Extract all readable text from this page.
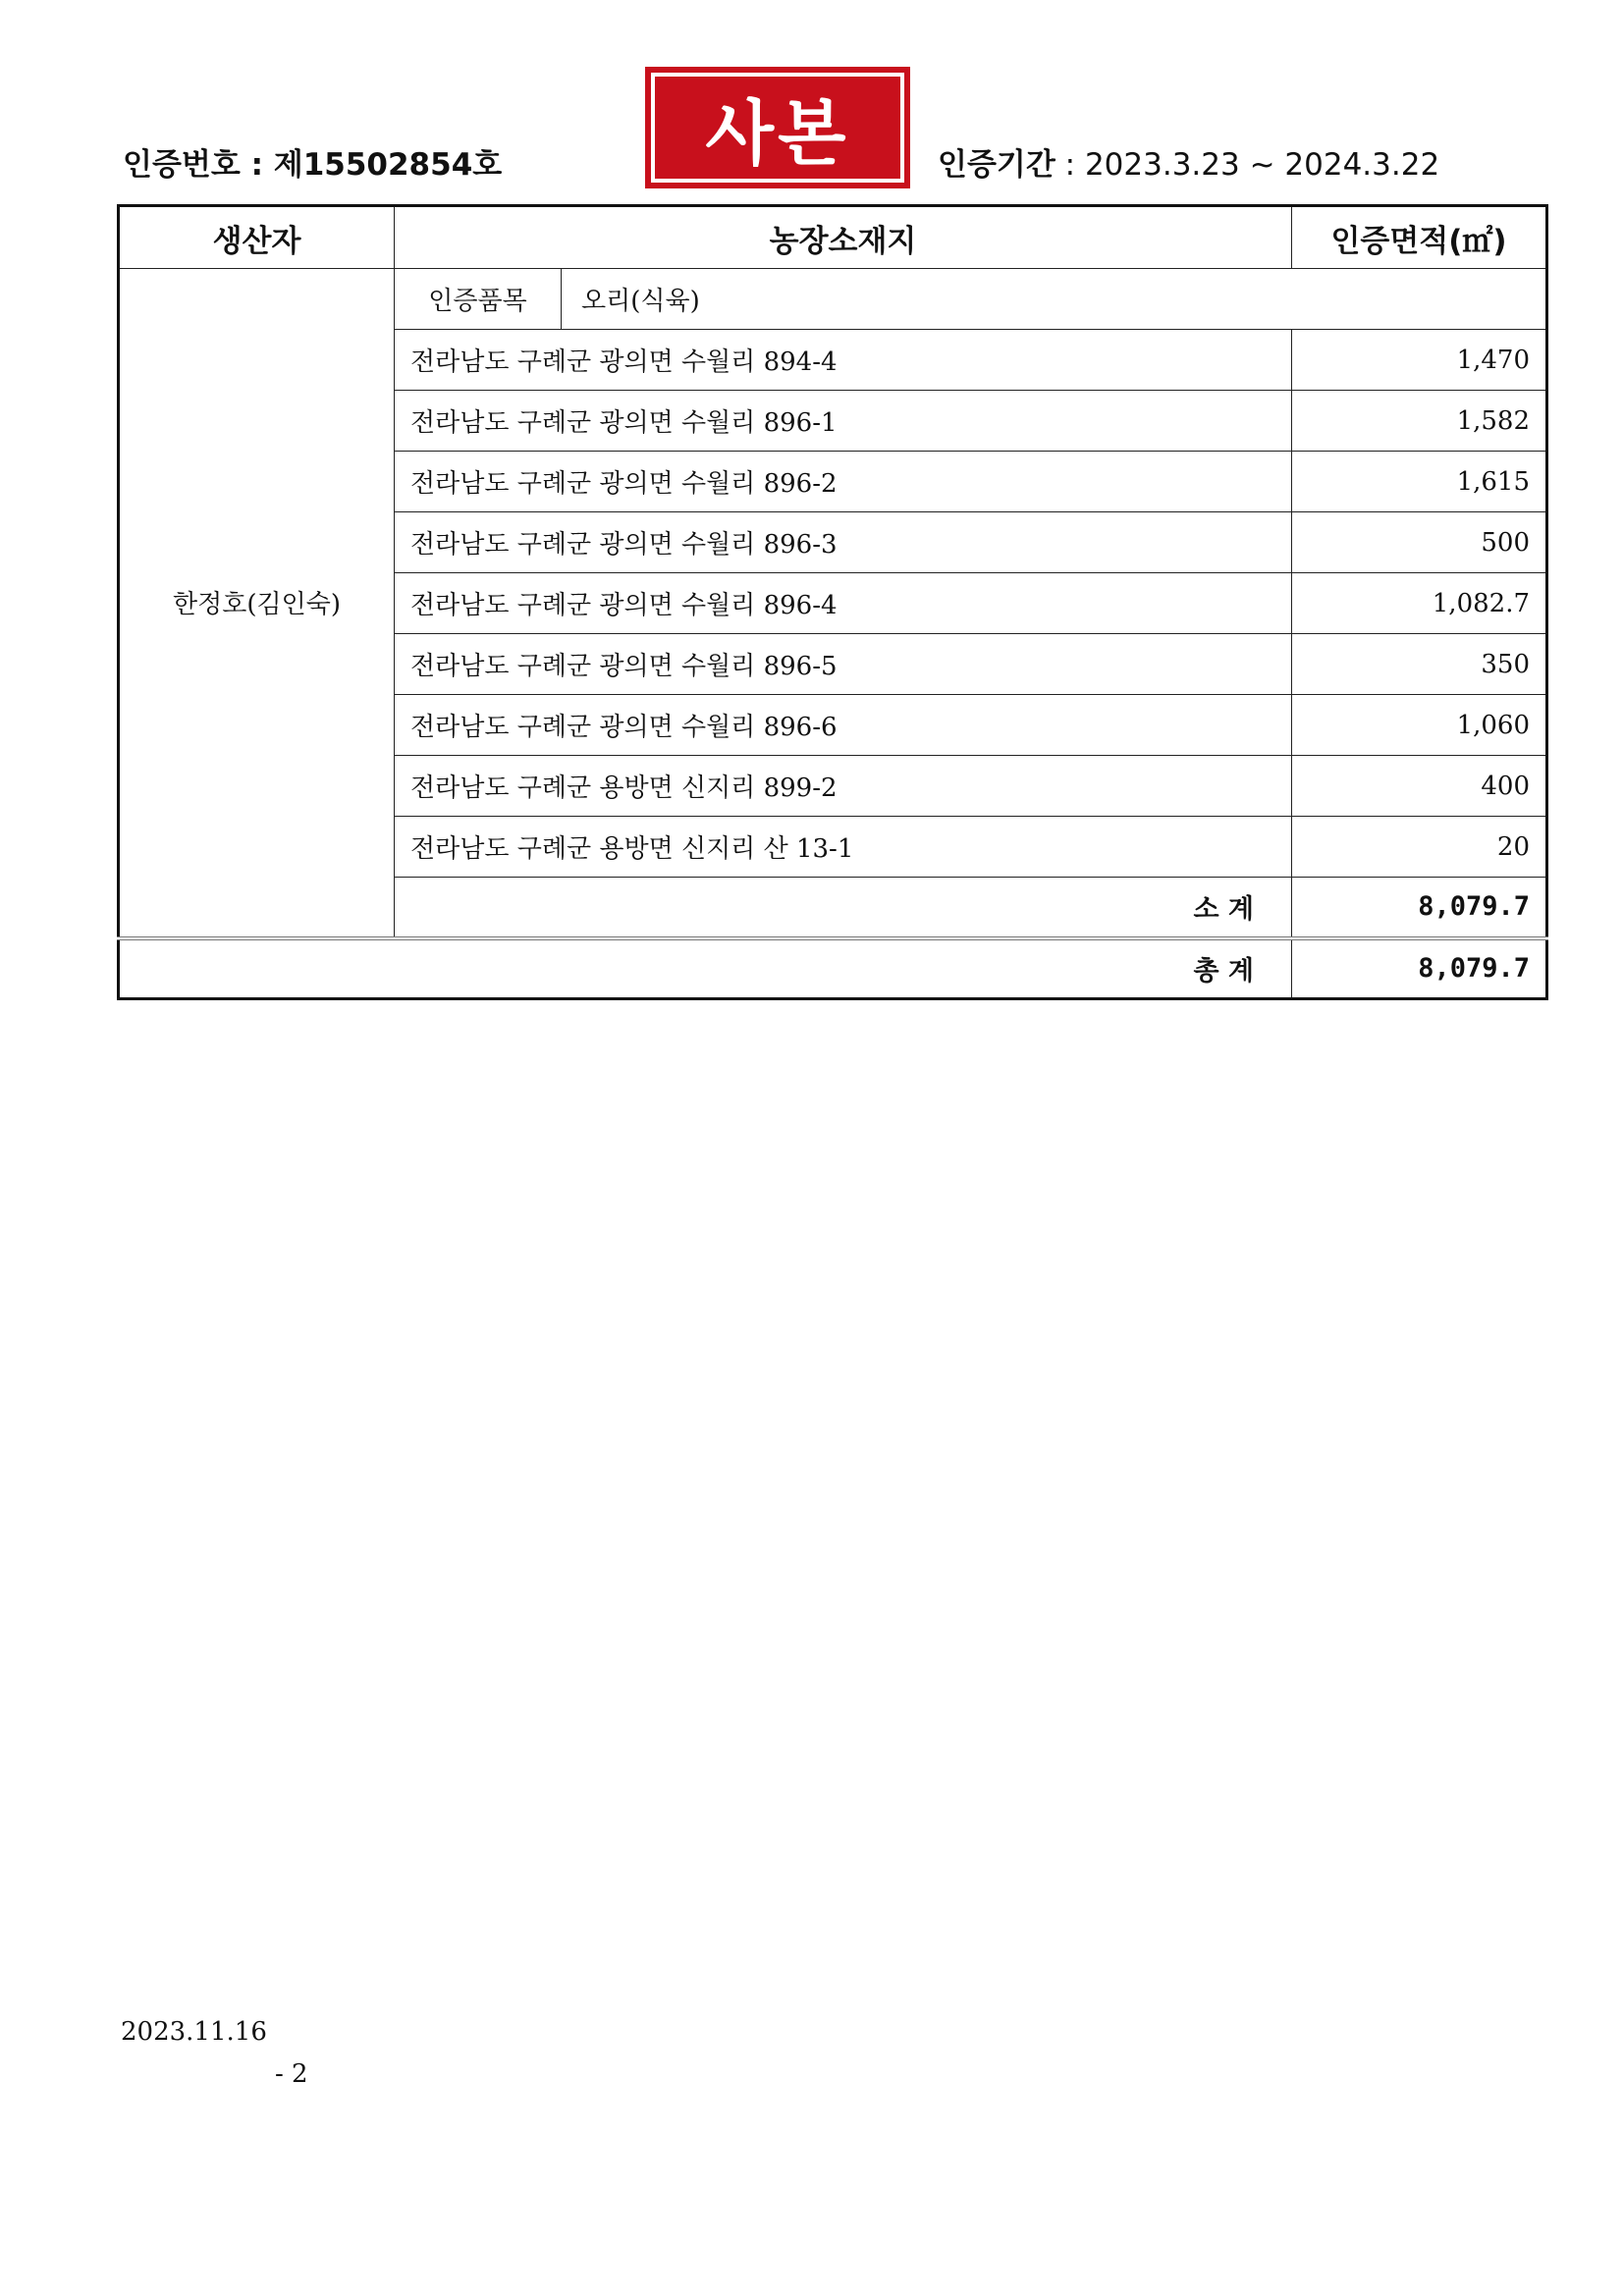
인증번호 : 제15502854호	사본	인증기간 : 2023.3.23 ~ 2024.3.22
생산자	농장소재지		인증면적(㎡)
한정호(김인숙)	인증품목	오리(식육)	
	전라남도 구례군 광의면 수월리 894-4		1,470
	전라남도 구례군 광의면 수월리 896-1		1,582
	전라남도 구례군 광의면 수월리 896-2		1,615
	전라남도 구례군 광의면 수월리 896-3		500
	전라남도 구례군 광의면 수월리 896-4		1,082.7
	전라남도 구례군 광의면 수월리 896-5		350
	전라남도 구례군 광의면 수월리 896-6		1,060
	전라남도 구례군 용방면 신지리 899-2		400
	전라남도 구례군 용방면 신지리 산 13-1		20
	소 계		8,079.7
총 계			8,079.7
2023.11.16
- 2
